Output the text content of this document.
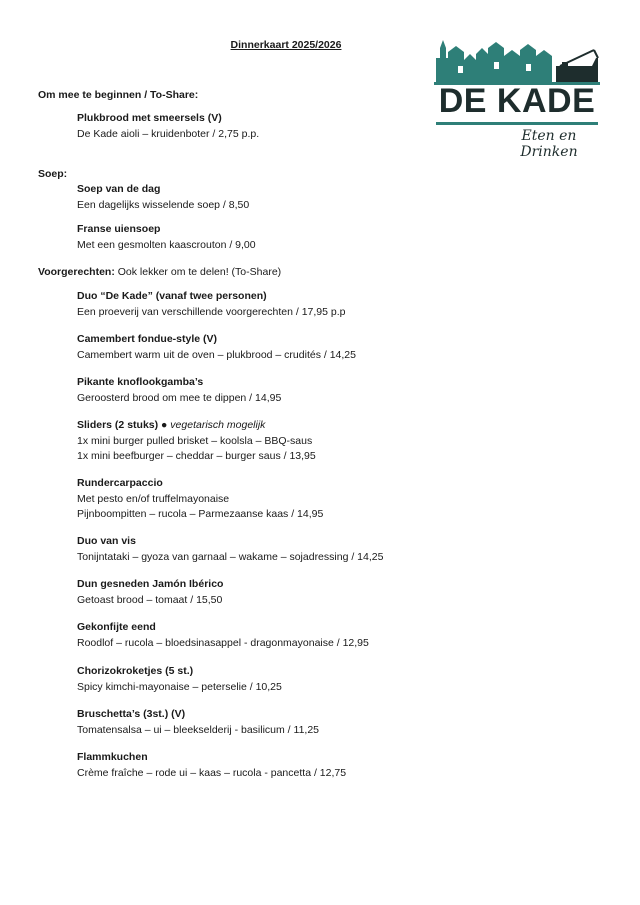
Dinnerkaart 2025/2026
DE KADE
Eten en Drinken
Om mee te beginnen / To-Share:
Plukbrood met smeersels (V)
De Kade aioli – kruidenboter / 2,75 p.p.
Soep:
Soep van de dag
Een dagelijks wisselende soep / 8,50
Franse uiensoep
Met een gesmolten kaascrouton / 9,00
Voorgerechten: Ook lekker om te delen! (To-Share)
Duo “De Kade” (vanaf twee personen)
Een proeverij van verschillende voorgerechten / 17,95 p.p
Camembert fondue-style (V)
Camembert warm uit de oven – plukbrood – crudités / 14,25
Pikante knoflookgamba’s
Geroosterd brood om mee te dippen / 14,95
Sliders (2 stuks) ● vegetarisch mogelijk
1x mini burger pulled brisket – koolsla – BBQ-saus
1x mini beefburger – cheddar – burger saus / 13,95
Rundercarpaccio
Met pesto en/of truffelmayonaise
Pijnboompitten – rucola – Parmezaanse kaas / 14,95
Duo van vis
Tonijntataki – gyoza van garnaal – wakame – sojadressing / 14,25
Dun gesneden Jamón Ibérico
Getoast brood – tomaat / 15,50
Gekonfijte eend
Roodlof – rucola – bloedsinasappel - dragonmayonaise / 12,95
Chorizokroketjes (5 st.)
Spicy kimchi-mayonaise – peterselie / 10,25
Bruschetta’s (3st.) (V)
Tomatensalsa – ui – bleekselderij - basilicum / 11,25
Flammkuchen
Crème fraîche – rode ui – kaas – rucola - pancetta / 12,75
